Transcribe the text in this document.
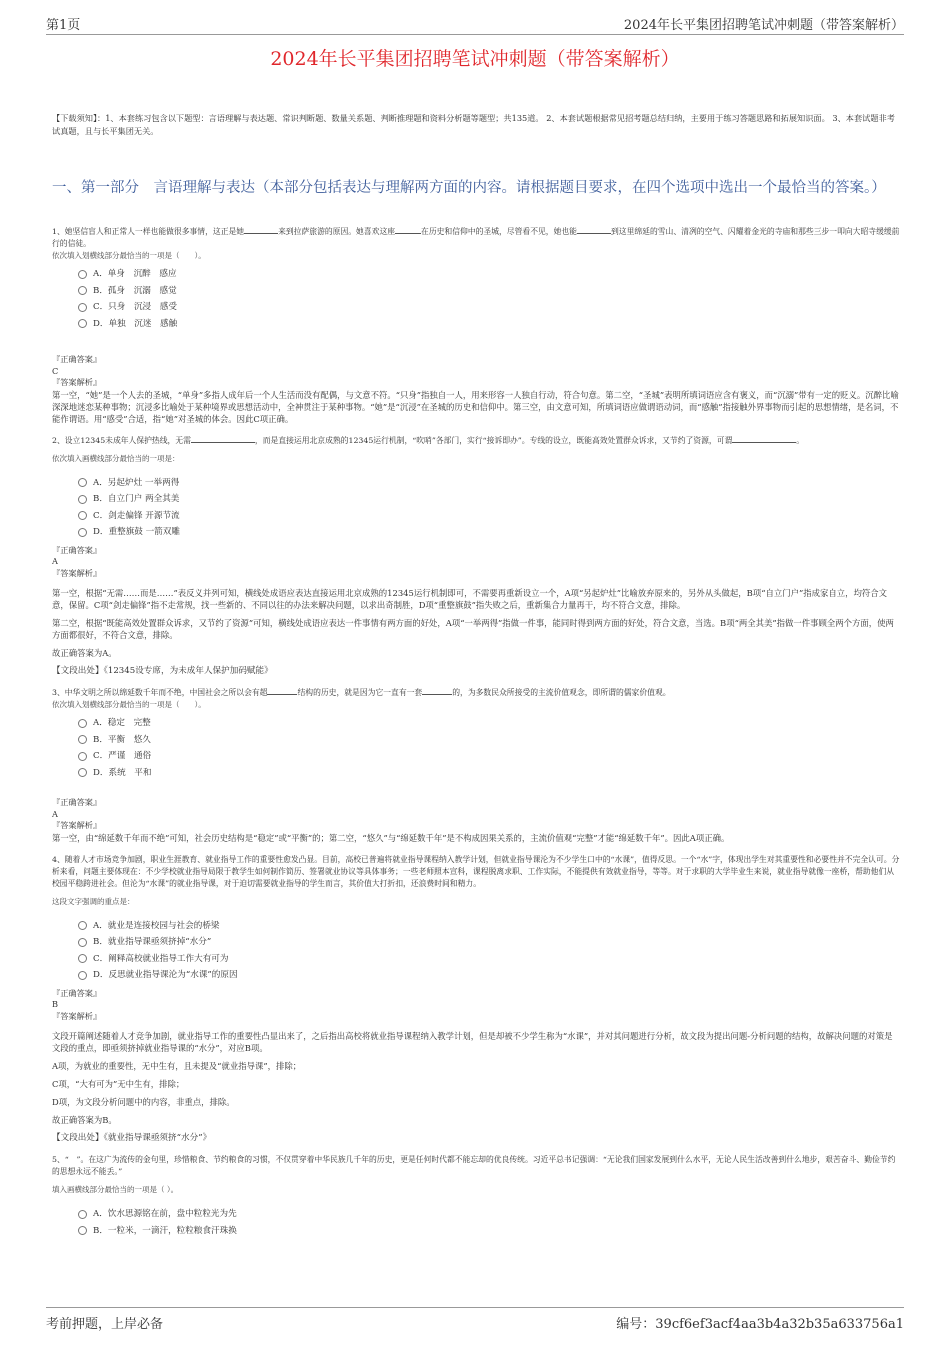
第1页	2024年长平集团招聘笔试冲刺题（带答案解析）
2024年长平集团招聘笔试冲刺题（带答案解析）
【下载须知】：1、本套练习包含以下题型：言语理解与表达题、常识判断题、数量关系题、判断推理题和资料分析题等题型；共135道。 2、本套试题根据常见招考题总结归纳，主要用于练习答题思路和拓展知识面。 3、本套试题非考试真题，且与长平集团无关。
一、第一部分　言语理解与表达（本部分包括表达与理解两方面的内容。请根据题目要求，在四个选项中选出一个最恰当的答案。）

1、她坚信盲人和正常人一样也能做很多事情，这正是她	来到拉萨旅游的原因。她喜欢这座	在历史和信仰中的圣城，尽管看不见，她也能	到这里绵延的雪山、清冽的空气、闪耀着金光的寺庙和那些三步一叩向大昭寺缓缓前行的信徒。

依次填入划横线部分最恰当的一项是（　　）。

A．单身　沉醉　感应
B．孤身　沉溺　感觉
C．只身　沉浸　感受
D．单独　沉迷　感触
『正确答案』
C
『答案解析』

第一空，“她”是一个人去的圣城，“单身”多指人成年后一个人生活而没有配偶，与文意不符。“只身”指独自一人，用来形容一人独自行动，符合句意。第二空，“圣城”表明所填词语应含有褒义，而“沉溺”带有一定的贬义。沉醉比喻深深地迷恋某种事物；沉浸多比喻处于某种境界或思想活动中，全神贯注于某种事物。“她”是“沉浸”在圣城的历史和信仰中。第三空，由文意可知，所填词语应做谓语动词，而“感触”指接触外界事物而引起的思想情绪，是名词，不能作谓语。用“感受”合适，指“她”对圣城的体会。因此C项正确。

2、设立12345未成年人保护热线，无需	，而是直接运用北京成熟的12345运行机制，“吹哨”各部门，实行“接诉即办”。专线的设立，既能高效处置群众诉求，又节约了资源，可谓	。

依次填入画横线部分最恰当的一项是：

A．另起炉灶 一举两得
B．自立门户 两全其美
C．剑走偏锋 开源节流
D．重整旗鼓 一箭双雕
『正确答案』
A
『答案解析』

第一空，根据“无需……而是……”表反义并列可知，横线处成语应表达直接运用北京成熟的12345运行机制即可，不需要再重新设立一个，A项“另起炉灶”比喻放弃原来的，另外从头做起，B项“自立门户”指成家自立，均符合文意，保留。C项“剑走偏锋”指不走常规，找一些新的、不同以往的办法来解决问题，以求出奇制胜，D项“重整旗鼓”指失败之后，重新集合力量再干，均不符合文意，排除。

第二空，根据“既能高效处置群众诉求，又节约了资源”可知，横线处成语应表达一件事情有两方面的好处，A项“一举两得”指做一件事，能同时得到两方面的好处，符合文意，当选。B项“两全其美”指做一件事顾全两个方面，使两方面都很好，不符合文意，排除。

故正确答案为A。

【文段出处】《12345设专席，为未成年人保护加码赋能》

3、中华文明之所以绵延数千年而不绝，中国社会之所以会有超	结构的历史，就是因为它一直有一套	的，为多数民众所接受的主流价值观念，即所谓的儒家价值观。

依次填入划横线部分最恰当的一项是（　　）。

A．稳定　完整
B．平衡　悠久
C．严谨　通俗
D．系统　平和
『正确答案』
A
『答案解析』

第一空，由“绵延数千年而不绝”可知，社会历史结构是“稳定”或“平衡”的；第二空，“悠久”与“绵延数千年”是不构成因果关系的，主流价值观“完整”才能“绵延数千年”。因此A项正确。

4、随着人才市场竞争加剧，职业生涯教育、就业指导工作的重要性愈发凸显。目前，高校已普遍将就业指导课程纳入教学计划，但就业指导课沦为不少学生口中的“水课”，值得反思。一个“水”字，体现出学生对其重要性和必要性并不完全认可。分析来看，问题主要体现在：不少学校就业指导局限于教学生如何制作简历、签署就业协议等具体事务；一些老师照本宣科，课程脱离求职、工作实际，不能提供有效就业指导，等等。对于求职的大学毕业生来说，就业指导就像一座桥，帮助他们从校园平稳跨进社会。但沦为“水课”的就业指导课，对于迫切需要就业指导的学生而言，其价值大打折扣，还浪费时间和精力。

这段文字强调的重点是：

A．就业是连接校园与社会的桥梁
B．就业指导课亟须挤掉“水分”
C．阐释高校就业指导工作大有可为
D．反思就业指导课沦为“水课”的原因
『正确答案』
B
『答案解析』

文段开篇阐述随着人才竞争加剧，就业指导工作的重要性凸显出来了，之后指出高校将就业指导课程纳入教学计划，但是却被不少学生称为“水课”，并对其问题进行分析，故文段为提出问题-分析问题的结构，故解决问题的对策是文段的重点，即亟须挤掉就业指导课的“水分”，对应B项。

A项，为就业的重要性，无中生有，且未提及“就业指导课”，排除；

C项，“大有可为”无中生有，排除；

D项，为文段分析问题中的内容，非重点，排除。

故正确答案为B。

【文段出处】《就业指导课亟须挤“水分”》

5、“　”。在这广为流传的金句里，珍惜粮食、节约粮食的习惯，不仅贯穿着中华民族几千年的历史，更是任何时代都不能忘却的优良传统。习近平总书记强调：“无论我们国家发展到什么水平，无论人民生活改善到什么地步，艰苦奋斗、勤俭节约的思想永远不能丢。”

填入画横线部分最恰当的一项是（ ）。

A．饮水思源铭在前，盘中粒粒光为先
B．一粒米，一滴汗，粒粒粮食汗珠换
考前押题，上岸必备	编号：39cf6ef3acf4aa3b4a32b35a633756a1
